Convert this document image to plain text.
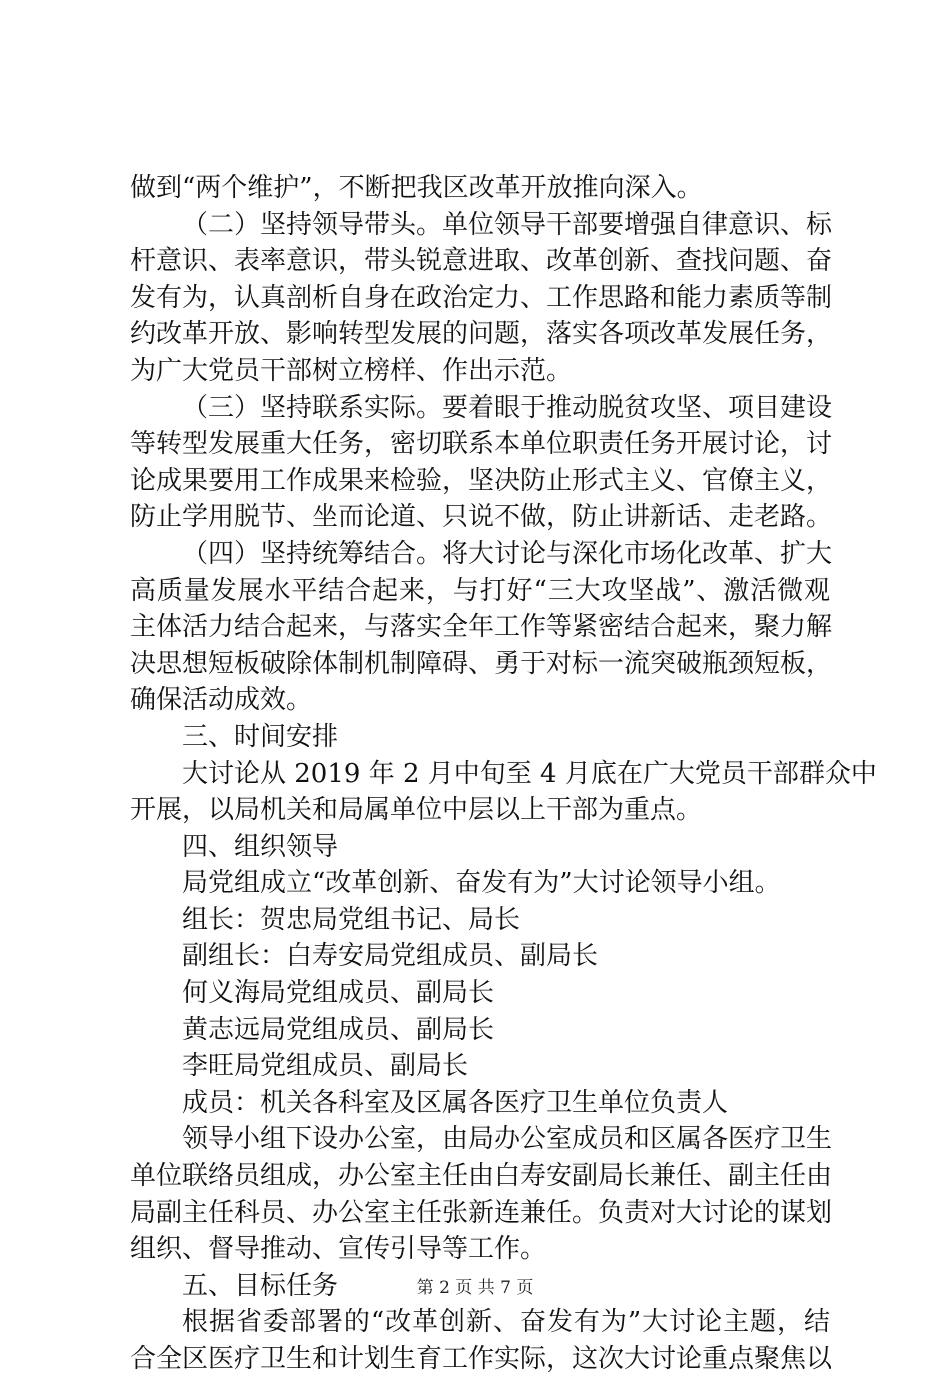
做到“两个维护”，不断把我区改革开放推向深入。
（二）坚持领导带头。单位领导干部要增强自律意识、标
杆意识、表率意识，带头锐意进取、改革创新、查找问题、奋
发有为，认真剖析自身在政治定力、工作思路和能力素质等制
约改革开放、影响转型发展的问题，落实各项改革发展任务，
为广大党员干部树立榜样、作出示范。
（三）坚持联系实际。要着眼于推动脱贫攻坚、项目建设
等转型发展重大任务，密切联系本单位职责任务开展讨论，讨
论成果要用工作成果来检验，坚决防止形式主义、官僚主义，
防止学用脱节、坐而论道、只说不做，防止讲新话、走老路。
（四）坚持统筹结合。将大讨论与深化市场化改革、扩大
高质量发展水平结合起来，与打好“三大攻坚战”、激活微观
主体活力结合起来，与落实全年工作等紧密结合起来，聚力解
决思想短板破除体制机制障碍、勇于对标一流突破瓶颈短板，
确保活动成效。
三、时间安排
大讨论从 2019 年 2 月中旬至 4 月底在广大党员干部群众中
开展，以局机关和局属单位中层以上干部为重点。
四、组织领导
局党组成立“改革创新、奋发有为”大讨论领导小组。
组长：贺忠局党组书记、局长
副组长：白寿安局党组成员、副局长
何义海局党组成员、副局长
黄志远局党组成员、副局长
李旺局党组成员、副局长
成员：机关各科室及区属各医疗卫生单位负责人
领导小组下设办公室，由局办公室成员和区属各医疗卫生
单位联络员组成，办公室主任由白寿安副局长兼任、副主任由
局副主任科员、办公室主任张新连兼任。负责对大讨论的谋划
组织、督导推动、宣传引导等工作。
五、目标任务
根据省委部署的“改革创新、奋发有为”大讨论主题，结
合全区医疗卫生和计划生育工作实际，这次大讨论重点聚焦以
第 2 页 共 7 页
